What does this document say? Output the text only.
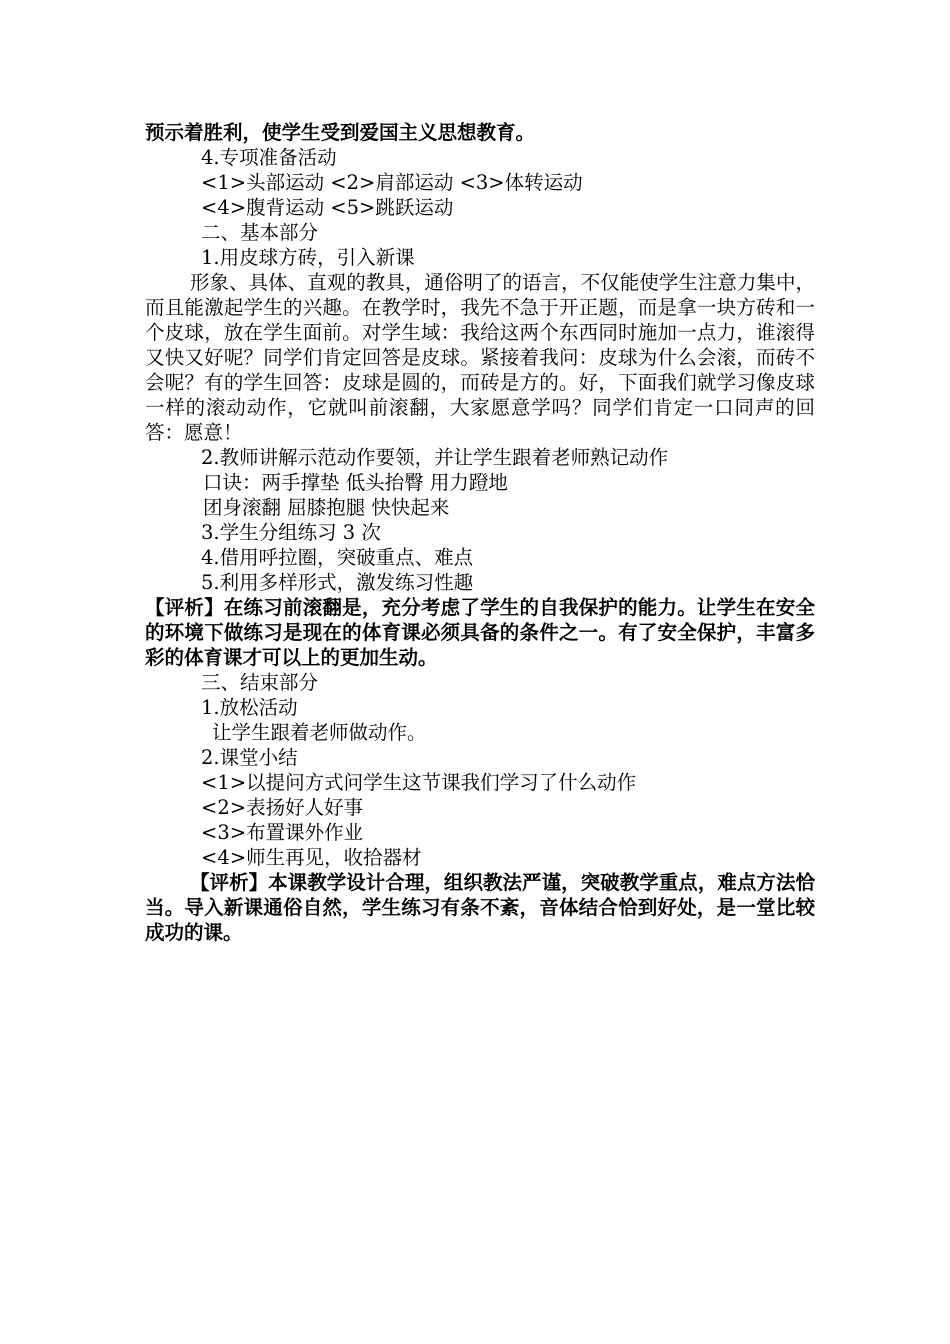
预示着胜利，使学生受到爱国主义思想教育。
4.专项准备活动
<1>头部运动 <2>肩部运动 <3>体转运动
<4>腹背运动 <5>跳跃运动
二、基本部分
1.用皮球方砖，引入新课
形象、具体、直观的教具，通俗明了的语言，不仅能使学生注意力集中，而且能激起学生的兴趣。在教学时，我先不急于开正题，而是拿一块方砖和一个皮球，放在学生面前。对学生域：我给这两个东西同时施加一点力，谁滚得又快又好呢？同学们肯定回答是皮球。紧接着我问：皮球为什么会滚，而砖不会呢？有的学生回答：皮球是圆的，而砖是方的。好，下面我们就学习像皮球一样的滚动动作，它就叫前滚翻，大家愿意学吗？同学们肯定一口同声的回答：愿意！
2.教师讲解示范动作要领，并让学生跟着老师熟记动作
口诀：两手撑垫 低头抬臀 用力蹬地
团身滚翻 屈膝抱腿 快快起来
3.学生分组练习 3 次
4.借用呼拉圈，突破重点、难点
5.利用多样形式，激发练习性趣
【评析】在练习前滚翻是，充分考虑了学生的自我保护的能力。让学生在安全的环境下做练习是现在的体育课必须具备的条件之一。有了安全保护，丰富多彩的体育课才可以上的更加生动。
三、结束部分
1.放松活动
让学生跟着老师做动作。
2.课堂小结
<1>以提问方式问学生这节课我们学习了什么动作
<2>表扬好人好事
<3>布置课外作业
<4>师生再见，收拾器材
【评析】本课教学设计合理，组织教法严谨，突破教学重点，难点方法恰当。导入新课通俗自然，学生练习有条不紊，音体结合恰到好处，是一堂比较成功的课。
